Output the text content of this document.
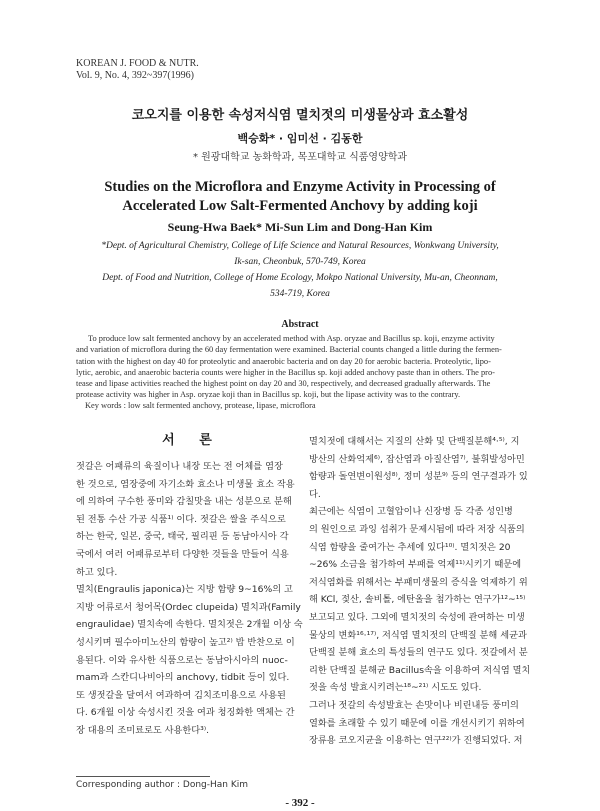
KOREAN J. FOOD & NUTR.
Vol. 9, No. 4, 392~397(1996)
코오지를 이용한 속성저식염 멸치젓의 미생물상과 효소활성
백승화* · 임미선 · 김동한
* 원광대학교 농화학과, 목포대학교 식품영양학과
Studies on the Microflora and Enzyme Activity in Processing of
Accelerated Low Salt-Fermented Anchovy by adding koji
Seung-Hwa Baek* Mi-Sun Lim and Dong-Han Kim
*Dept. of Agricultural Chemistry, College of Life Science and Natural Resources, Wonkwang University,
Ik-san, Cheonbuk, 570-749, Korea
Dept. of Food and Nutrition, College of Home Ecology, Mokpo National University, Mu-an, Cheonnam,
534-719, Korea
Abstract
To produce low salt fermented anchovy by an accelerated method with Asp. oryzae and Bacillus sp. koji, enzyme activity
and variation of microflora during the 60 day fermentation were examined. Bacterial counts changed a little during the fermen-
tation with the highest on day 40 for proteolytic and anaerobic bacteria and on day 20 for aerobic bacteria. Proteolytic, lipo-
lytic, aerobic, and anaerobic bacteria counts were higher in the Bacillus sp. koji added anchovy paste than in others. The pro-
tease and lipase activities reached the highest point on day 20 and 30, respectively, and decreased gradually afterwards. The
protease activity was higher in Asp. oryzae koji than in Bacillus sp. koji, but the lipase activity was to the contrary.
Key words : low salt fermented anchovy, protease, lipase, microflora
서 론
젓갈은 어패류의 육질이나 내장 또는 전 어체를 염장
한 것으로, 염장중에 자기소화 효소나 미생물 효소 작용
에 의하여 구수한 풍미와 감칠맛을 내는 성분으로 분해
된 전통 수산 가공 식품¹⁾ 이다. 젓갈은 쌀을 주식으로
하는 한국, 일본, 중국, 태국, 필리핀 등 동남아시아 각
국에서 여러 어패류로부터 다양한 것들을 만들어 식용
하고 있다.
멸치(Engraulis japonica)는 지방 함량 9~16%의 고
지방 어류로서 청어목(Ordec clupeida) 멸치과(Family
engraulidae) 멸치속에 속한다. 멸치젓은 2개월 이상 숙
성시키며 필수아미노산의 함량이 높고²⁾ 밥 반찬으로 이
용된다. 이와 유사한 식품으로는 동남아시아의 nuoc-
mam과 스칸디나비아의 anchovy, tidbit 등이 있다.
또 생젓갈을 달여서 여과하여 김치조미용으로 사용된
다. 6개월 이상 숙성시킨 것을 여과 청징화한 액체는 간
장 대용의 조미료로도 사용한다³⁾.
멸치젓에 대해서는 지질의 산화 및 단백질분해⁴·⁵⁾, 지
방산의 산화억제⁶⁾, 잡산염과 아질산염⁷⁾, 불휘발성아민
함량과 돌연변이원성⁸⁾, 정미 성분⁹⁾ 등의 연구결과가 있
다.
최근에는 식염이 고혈압이나 신장병 등 각종 성인병
의 원인으로 과잉 섭취가 문제시됨에 따라 저장 식품의
식염 함량을 줄여가는 추세에 있다¹⁰⁾. 멸치젓은 20
~26% 소금을 첨가하여 부패를 억제¹¹⁾시키기 때문에
저식염화를 위해서는 부패미생물의 증식을 억제하기 위
해 KCl, 젖산, 솔비톨, 에탄올을 첨가하는 연구가¹²~¹⁵⁾
보고되고 있다. 그외에 멸치젓의 숙성에 관여하는 미생
물상의 변화¹⁶·¹⁷⁾, 저식염 멸치젓의 단백질 분해 세균과
단백질 분해 효소의 특성들의 연구도 있다. 젓갈에서 분
리한 단백질 분해균 Bacillus속을 이용하여 저식염 멸치
젓을 속성 발효시키려는¹⁸~²¹⁾ 시도도 있다.
그러나 젓갈의 속성발효는 손맛이나 비린내등 풍미의
열화를 초래할 수 있기 때문에 이를 개선시키기 위하여
장류용 코오지균을 이용하는 연구²²⁾가 진행되었다. 저
Corresponding author : Dong-Han Kim
- 392 -
